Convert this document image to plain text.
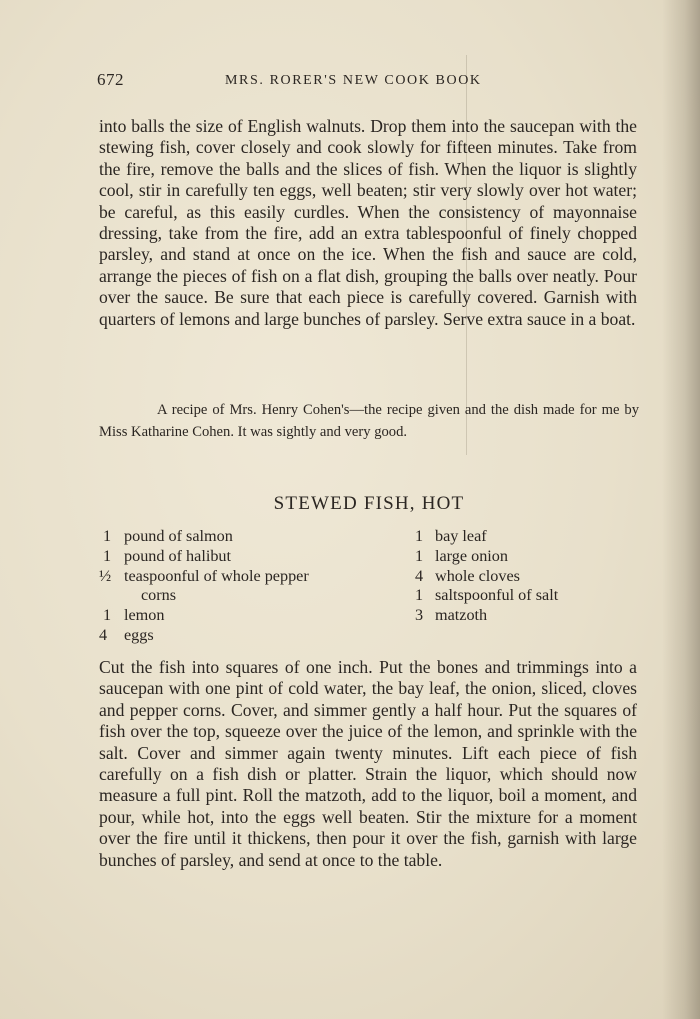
672	MRS. RORER'S NEW COOK BOOK

into balls the size of English walnuts. Drop them into the saucepan with the stewing fish, cover closely and cook slowly for fifteen minutes. Take from the fire, remove the balls and the slices of fish. When the liquor is slightly cool, stir in carefully ten eggs, well beaten; stir very slowly over hot water; be careful, as this easily curdles. When the consistency of mayonnaise dressing, take from the fire, add an extra tablespoonful of finely chopped parsley, and stand at once on the ice. When the fish and sauce are cold, arrange the pieces of fish on a flat dish, grouping the balls over neatly. Pour over the sauce. Be sure that each piece is carefully covered. Garnish with quarters of lemons and large bunches of parsley. Serve extra sauce in a boat.

A recipe of Mrs. Henry Cohen's—the recipe given and the dish made for me by Miss Katharine Cohen. It was sightly and very good.

STEWED FISH, HOT
1 pound of salmon
1 pound of halibut
½ teaspoonful of whole pepper
corns
1 lemon
4 eggs
1 bay leaf
1 large onion
4 whole cloves
1 saltspoonful of salt
3 matzoth

Cut the fish into squares of one inch. Put the bones and trimmings into a saucepan with one pint of cold water, the bay leaf, the onion, sliced, cloves and pepper corns. Cover, and simmer gently a half hour. Put the squares of fish over the top, squeeze over the juice of the lemon, and sprinkle with the salt. Cover and simmer again twenty minutes. Lift each piece of fish carefully on a fish dish or platter. Strain the liquor, which should now measure a full pint. Roll the matzoth, add to the liquor, boil a moment, and pour, while hot, into the eggs well beaten. Stir the mixture for a moment over the fire until it thickens, then pour it over the fish, garnish with large bunches of parsley, and send at once to the table.
